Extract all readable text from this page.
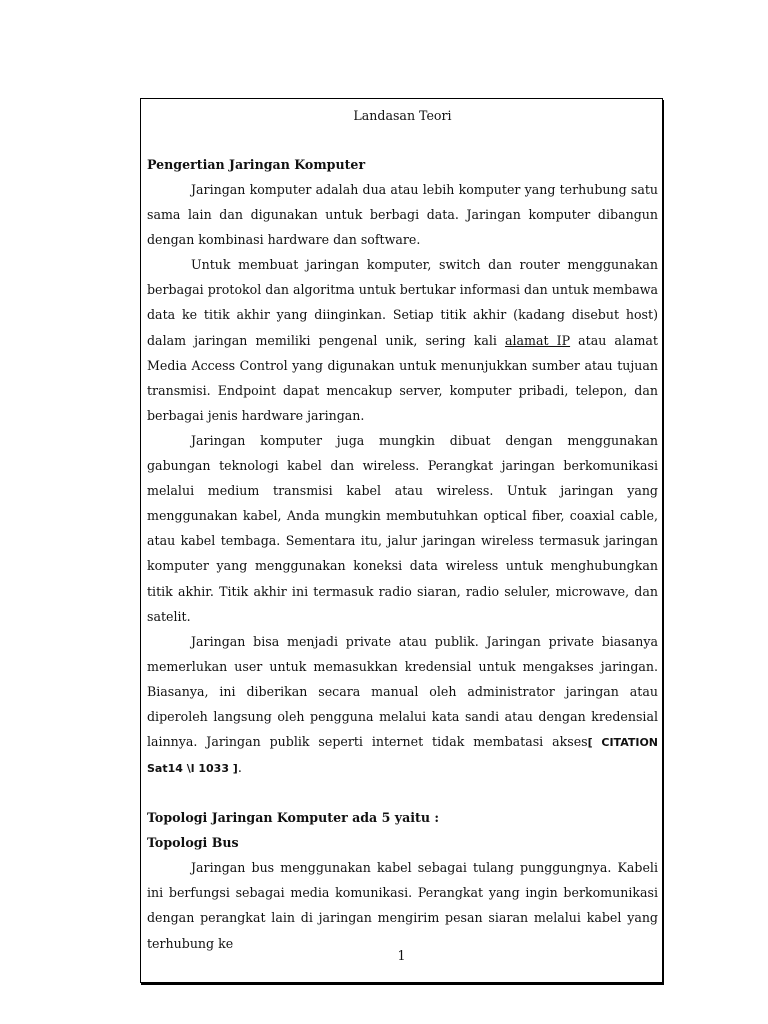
Landasan Teori

Pengertian Jaringan Komputer

Jaringan komputer adalah dua atau lebih komputer yang terhubung satu sama lain dan digunakan untuk berbagi data. Jaringan komputer dibangun dengan kombinasi hardware dan software.

Untuk membuat jaringan komputer, switch dan router menggunakan berbagai protokol dan algoritma untuk bertukar informasi dan untuk membawa data ke titik akhir yang diinginkan. Setiap titik akhir (kadang disebut host) dalam jaringan memiliki pengenal unik, sering kali alamat IP atau alamat Media Access Control yang digunakan untuk menunjukkan sumber atau tujuan transmisi. Endpoint dapat mencakup server, komputer pribadi, telepon, dan berbagai jenis hardware jaringan.

Jaringan komputer juga mungkin dibuat dengan menggunakan gabungan teknologi kabel dan wireless. Perangkat jaringan berkomunikasi melalui medium transmisi kabel atau wireless. Untuk jaringan yang menggunakan kabel, Anda mungkin membutuhkan optical fiber, coaxial cable, atau kabel tembaga. Sementara itu, jalur jaringan wireless termasuk jaringan komputer yang menggunakan koneksi data wireless untuk menghubungkan titik akhir. Titik akhir ini termasuk radio siaran, radio seluler, microwave, dan satelit.

Jaringan bisa menjadi private atau publik. Jaringan private biasanya memerlukan user untuk memasukkan kredensial untuk mengakses jaringan. Biasanya, ini diberikan secara manual oleh administrator jaringan atau diperoleh langsung oleh pengguna melalui kata sandi atau dengan kredensial lainnya. Jaringan publik seperti internet tidak membatasi akses[ CITATION Sat14 \l 1033 ].

Topologi Jaringan Komputer ada 5 yaitu :

Topologi Bus

Jaringan bus menggunakan kabel sebagai tulang punggungnya. Kabeli ini berfungsi sebagai media komunikasi. Perangkat yang ingin berkomunikasi dengan perangkat lain di jaringan mengirim pesan siaran melalui kabel yang terhubung ke

1
